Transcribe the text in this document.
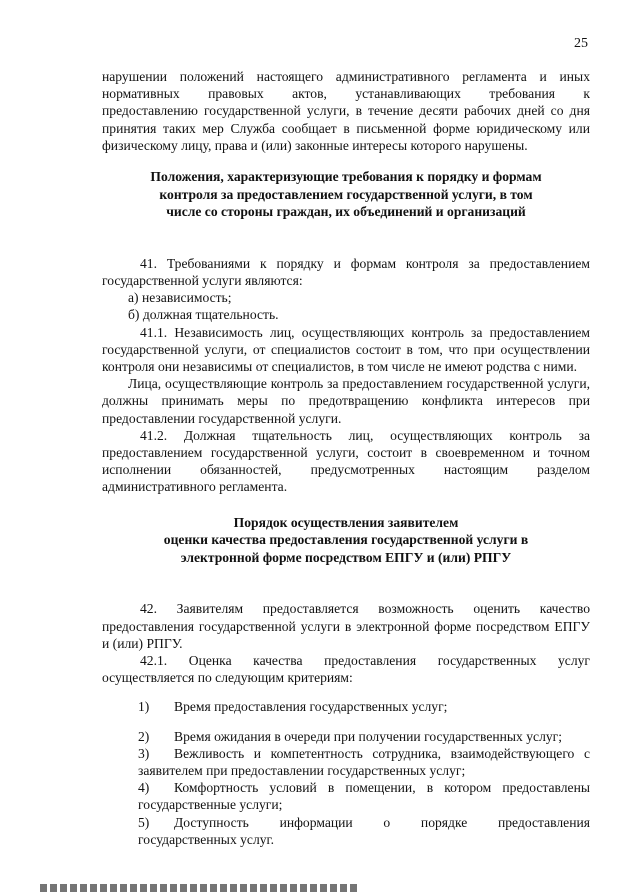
25

нарушении положений настоящего административного регламента и иных

нормативных правовых актов, устанавливающих требования к

предоставлению государственной услуги, в течение десяти рабочих дней со дня принятия таких мер Служба сообщает в письменной форме юридическому или физическому лицу, права и (или) законные интересы которого нарушены.

Положения, характеризующие требования к порядку и формам
контроля за предоставлением государственной услуги, в том
числе со стороны граждан, их объединений и организаций

41. Требованиями к порядку и формам контроля за предоставлением государственной услуги являются:

а) независимость;

б) должная тщательность.

41.1. Независимость лиц, осуществляющих контроль за предоставлением государственной услуги, от специалистов состоит в том, что при осуществлении контроля они независимы от специалистов, в том числе не имеют родства с ними.

Лица, осуществляющие контроль за предоставлением государственной услуги, должны принимать меры по предотвращению конфликта интересов при предоставлении государственной услуги.

41.2. Должная тщательность лиц, осуществляющих контроль за предоставлением государственной услуги, состоит в своевременном и точном исполнении обязанностей, предусмотренных настоящим разделом административного регламента.

Порядок осуществления заявителем
оценки качества предоставления государственной услуги в
электронной форме посредством ЕПГУ и (или) РПГУ

42. Заявителям предоставляется возможность оценить качество предоставления государственной услуги в электронной форме посредством ЕПГУ и (или) РПГУ.

42.1. Оценка качества предоставления государственных услуг осуществляется по следующим критериям:

1)	Время предоставления государственных услуг;
2)	Время ожидания в очереди при получении государственных услуг;
3)	Вежливость и компетентность сотрудника, взаимодействующего с

заявителем при предоставлении государственных услуг;

4)	Комфортность условий в помещении, в котором предоставлены

государственные услуги;

5)	Доступность информации о порядке предоставления

государственных услуг.
